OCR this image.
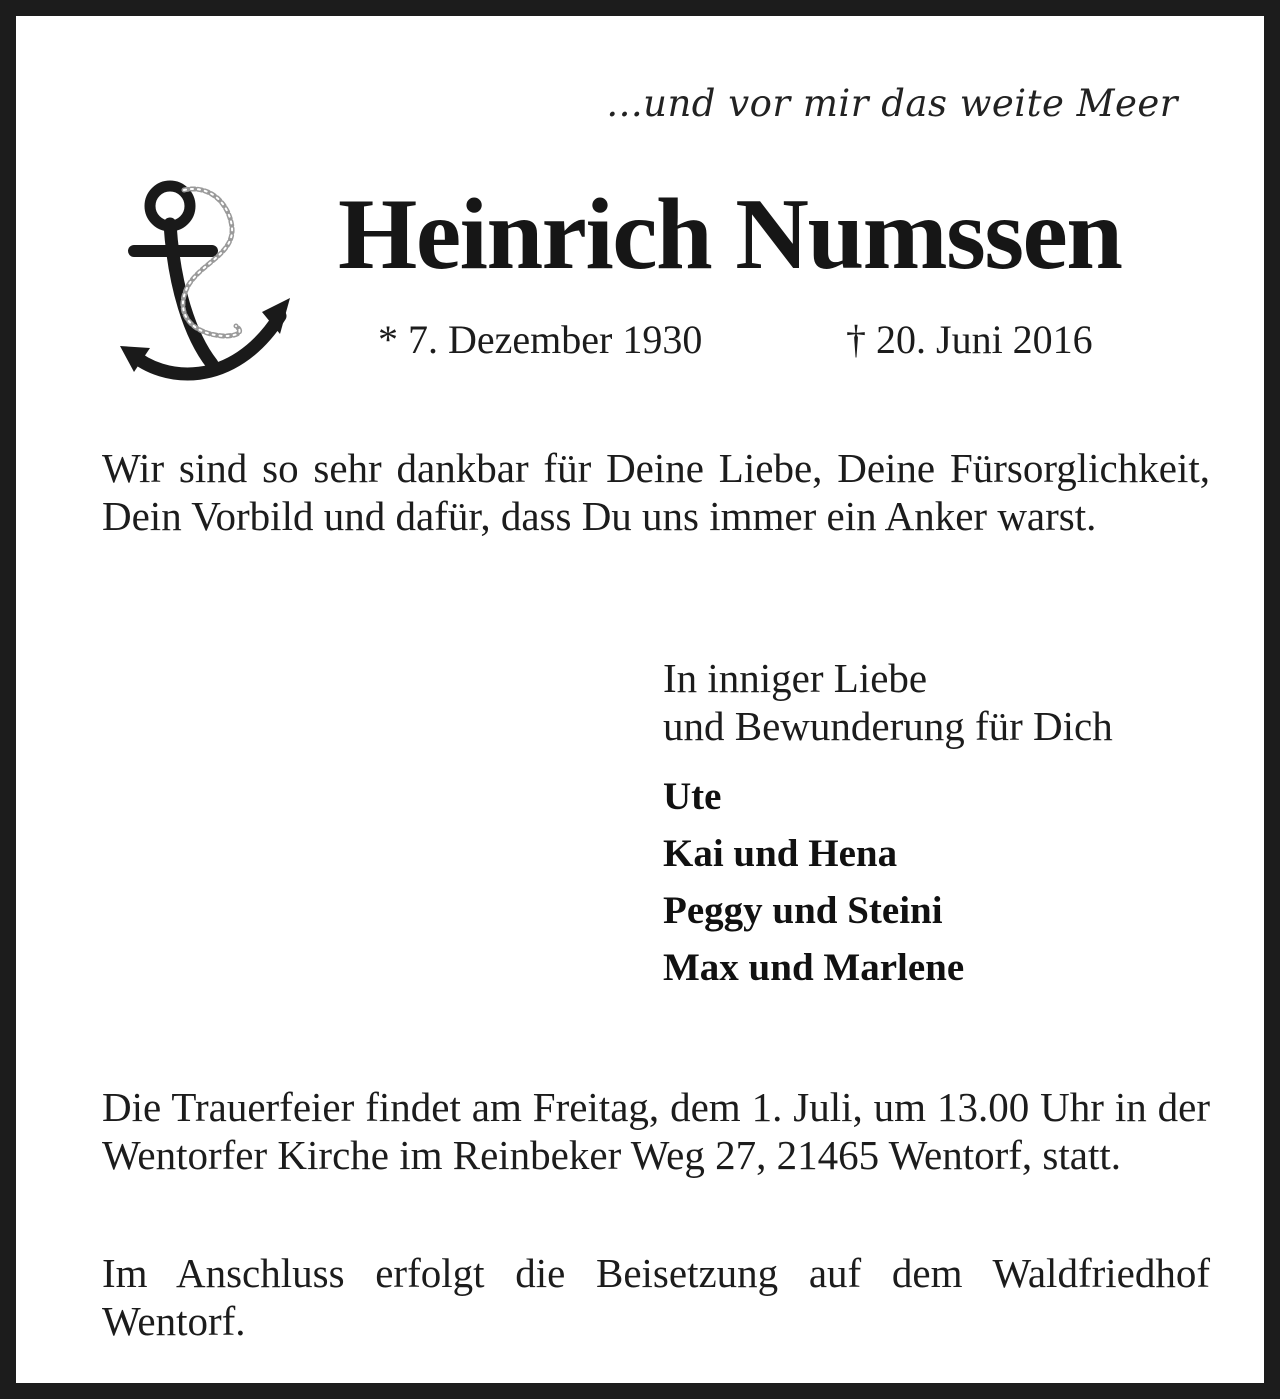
...und vor mir das weite Meer
Heinrich Numssen
* 7. Dezember 1930	† 20. Juni 2016
Wir sind so sehr dankbar für Deine Liebe, Deine Fürsorglichkeit, Dein Vorbild und dafür, dass Du uns immer ein Anker warst.
In inniger Liebe
und Bewunderung für Dich
Ute
Kai und Hena
Peggy und Steini
Max und Marlene
Die Trauerfeier findet am Freitag, dem 1. Juli, um 13.00 Uhr in der Wentorfer Kirche im Reinbeker Weg 27, 21465 Wentorf, statt.
Im Anschluss erfolgt die Beisetzung auf dem Waldfriedhof Wentorf.
